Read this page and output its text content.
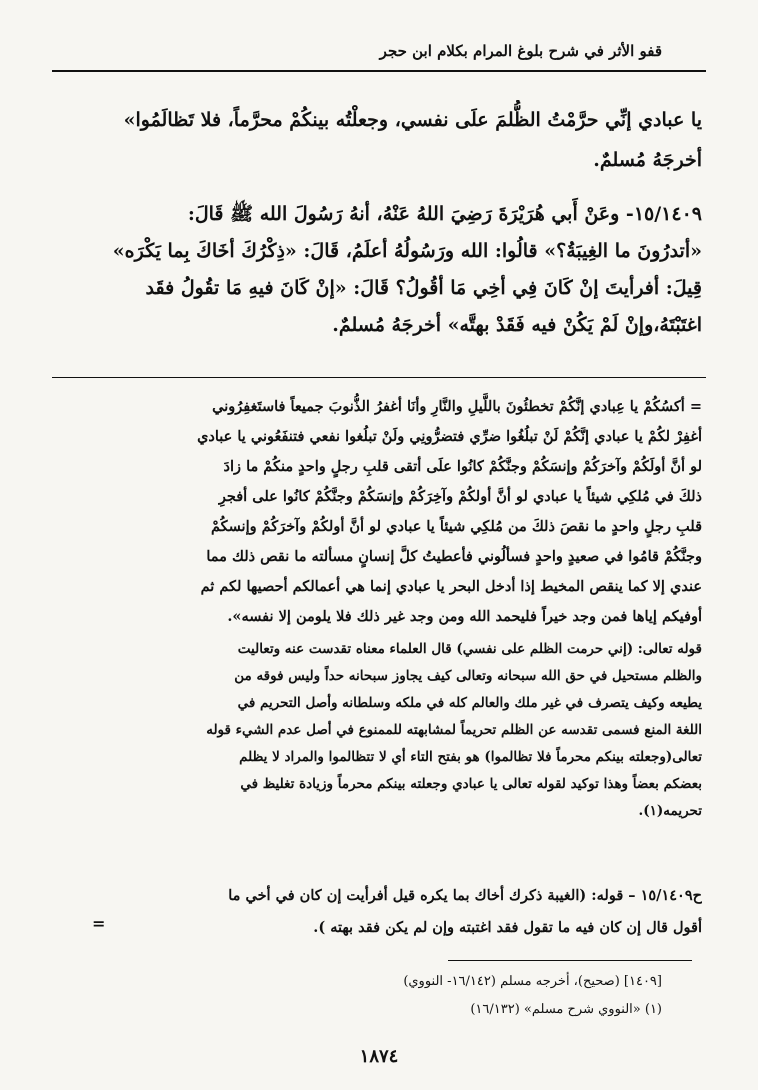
قفو الأثر في شرح بلوغ المرام بكلام ابن حجر
يا عبادي إنِّي حرَّمْتُ الظُّلمَ علَى نفسي، وجعلْتُه بينكُمْ محرَّماً، فلا تَظالَمُوا»
أخرجَهُ مُسلمٌ.
١٥/١٤٠٩- وعَنْ أَبي هُرَيْرَةَ رَضِيَ اللهُ عَنْهُ، أنهُ رَسُولَ الله ﷺ قَالَ:
«أتدرُونَ ما الغِيبَةُ؟» قالُوا: الله ورَسُولُهُ أعلَمُ، قَالَ: «ذِكْرُكَ أخَاكَ بِما يَكْرَه»
قِيلَ: أفرأيتَ إنْ كَانَ فِي أخِي مَا أقُولُ؟ قَالَ: «إنْ كَانَ فيهِ مَا تقُولُ فقَد
اغتَبْتَهُ،وإنْ لَمْ يَكُنْ فيه فَقَدْ بهتَّه» أخرجَهُ مُسلمٌ.
= أكسُكُمْ يا عِبادي إنَّكُمْ تخطئُونَ باللَّيلِ والنَّارِ وأنَا أغفرُ الذُّنوبَ جميعاً فاستَغفِرُوني
أغفِرْ لكُمْ يا عبادي إنَّكُمْ لَنْ تبلُغُوا ضرِّي فتضرُّونِي ولَنْ تبلُغوا نفعي فتنفَعُوني يا عبادي
لو أنَّ أولَكُمْ وآخرَكُمْ وإنسَكُمْ وجنَّكُمْ كانُوا علَى أتقى قلبِ رجلٍ واحدٍ منكُمْ ما زادَ
ذلكَ في مُلكِي شيئاً يا عبادي لو أنَّ أولكُمْ وآخِرَكُمْ وإنسَكُمْ وجنَّكُمْ كانُوا على أفجرِ
قلبِ رجلٍ واحدٍ ما نقصَ ذلكَ من مُلكِي شيئاً يا عبادي لو أنَّ أولكُمْ وآخرَكُمْ وإنسكُمْ
وجنَّكُمْ قامُوا في صعيدٍ واحدٍ فسألُوني فأعطيتُ كلَّ إنسانٍ مسألته ما نقص ذلك مما
عندي إلا كما ينقص المخيط إذا أدخل البحر يا عبادي إنما هي أعمالكم أحصيها لكم ثم
أوفيكم إياها فمن وجد خيراً فليحمد الله ومن وجد غير ذلك فلا يلومن إلا نفسه».
قوله تعالى: (إني حرمت الظلم على نفسي) قال العلماء معناه تقدست عنه وتعاليت
والظلم مستحيل في حق الله سبحانه وتعالى كيف يجاوز سبحانه حداً وليس فوقه من
يطيعه وكيف يتصرف في غير ملك والعالم كله في ملكه وسلطانه وأصل التحريم في
اللغة المنع فسمى تقدسه عن الظلم تحريماً لمشابهته للممنوع في أصل عدم الشيء قوله
تعالى(وجعلته بينكم محرماً فلا تظالموا) هو بفتح التاء أي لا تتظالموا والمراد لا يظلم
بعضكم بعضاً وهذا توكيد لقوله تعالى يا عبادي وجعلته بينكم محرماً وزيادة تغليظ في
تحريمه(١).
ح١٥/١٤٠٩ – قوله: (الغيبة ذكرك أخاك بما يكره قيل أفرأيت إن كان في أخي ما
أقول قال إن كان فيه ما تقول فقد اغتبته وإن لم يكن فقد بهته ).
=
[١٤٠٩] (صحيح)، أخرجه مسلم (١٦/١٤٢- النووي)
(١) «النووي شرح مسلم» (١٦/١٣٢)
١٨٧٤
